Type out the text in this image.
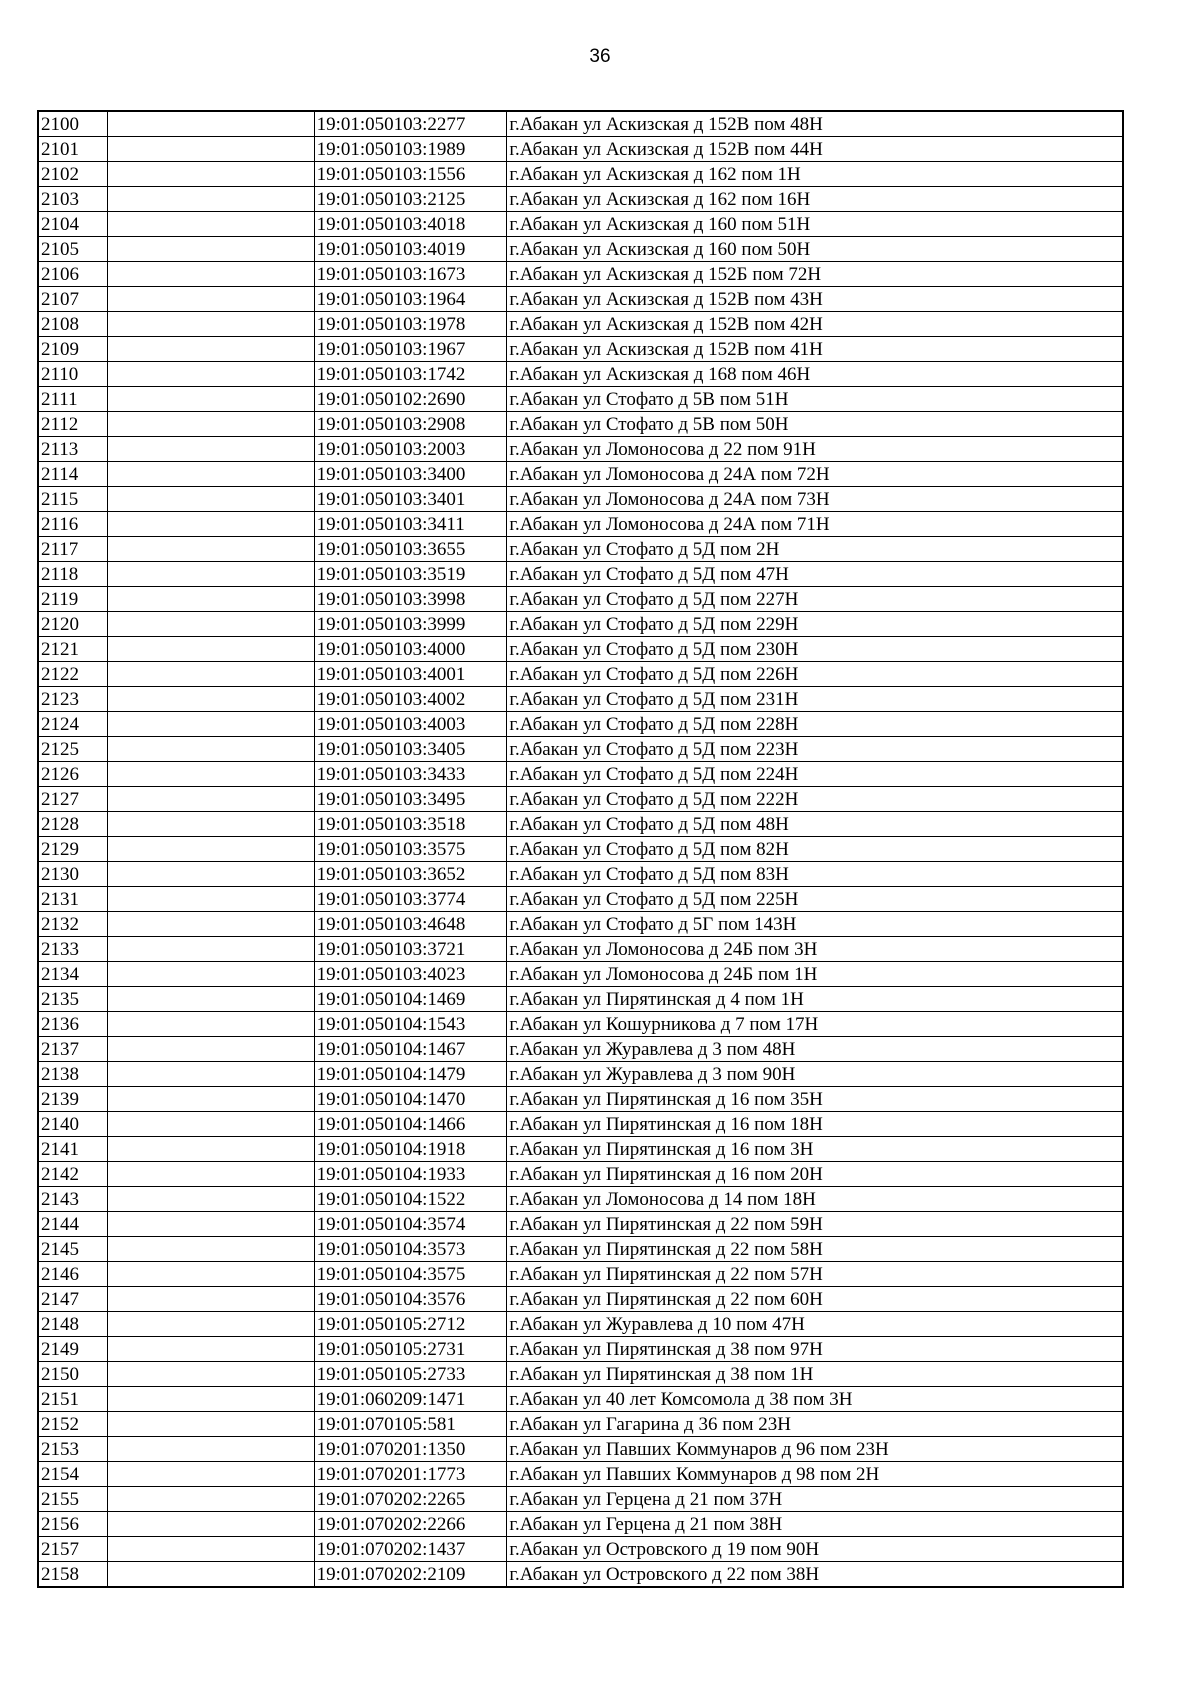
36
2100		19:01:050103:2277	г.Абакан ул Аскизская д 152В пом 48Н
2101		19:01:050103:1989	г.Абакан ул Аскизская д 152В пом 44Н
2102		19:01:050103:1556	г.Абакан ул Аскизская д 162 пом 1Н
2103		19:01:050103:2125	г.Абакан ул Аскизская д 162 пом 16Н
2104		19:01:050103:4018	г.Абакан ул Аскизская д 160 пом 51Н
2105		19:01:050103:4019	г.Абакан ул Аскизская д 160 пом 50Н
2106		19:01:050103:1673	г.Абакан ул Аскизская д 152Б пом 72Н
2107		19:01:050103:1964	г.Абакан ул Аскизская д 152В пом 43Н
2108		19:01:050103:1978	г.Абакан ул Аскизская д 152В пом 42Н
2109		19:01:050103:1967	г.Абакан ул Аскизская д 152В пом 41Н
2110		19:01:050103:1742	г.Абакан ул Аскизская д 168 пом 46Н
2111		19:01:050102:2690	г.Абакан ул Стофато д 5В пом 51Н
2112		19:01:050103:2908	г.Абакан ул Стофато д 5В пом 50Н
2113		19:01:050103:2003	г.Абакан ул Ломоносова д 22 пом 91Н
2114		19:01:050103:3400	г.Абакан ул Ломоносова д 24А пом 72Н
2115		19:01:050103:3401	г.Абакан ул Ломоносова д 24А пом 73Н
2116		19:01:050103:3411	г.Абакан ул Ломоносова д 24А пом 71Н
2117		19:01:050103:3655	г.Абакан ул Стофато д 5Д пом 2Н
2118		19:01:050103:3519	г.Абакан ул Стофато д 5Д пом 47Н
2119		19:01:050103:3998	г.Абакан ул Стофато д 5Д пом 227Н
2120		19:01:050103:3999	г.Абакан ул Стофато д 5Д пом 229Н
2121		19:01:050103:4000	г.Абакан ул Стофато д 5Д пом 230Н
2122		19:01:050103:4001	г.Абакан ул Стофато д 5Д пом 226Н
2123		19:01:050103:4002	г.Абакан ул Стофато д 5Д пом 231Н
2124		19:01:050103:4003	г.Абакан ул Стофато д 5Д пом 228Н
2125		19:01:050103:3405	г.Абакан ул Стофато д 5Д пом 223Н
2126		19:01:050103:3433	г.Абакан ул Стофато д 5Д пом 224Н
2127		19:01:050103:3495	г.Абакан ул Стофато д 5Д пом 222Н
2128		19:01:050103:3518	г.Абакан ул Стофато д 5Д пом 48Н
2129		19:01:050103:3575	г.Абакан ул Стофато д 5Д пом 82Н
2130		19:01:050103:3652	г.Абакан ул Стофато д 5Д пом 83Н
2131		19:01:050103:3774	г.Абакан ул Стофато д 5Д пом 225Н
2132		19:01:050103:4648	г.Абакан ул Стофато д 5Г пом 143Н
2133		19:01:050103:3721	г.Абакан ул Ломоносова д 24Б пом 3Н
2134		19:01:050103:4023	г.Абакан ул Ломоносова д 24Б пом 1Н
2135		19:01:050104:1469	г.Абакан ул Пирятинская д 4 пом 1Н
2136		19:01:050104:1543	г.Абакан ул Кошурникова д 7 пом 17Н
2137		19:01:050104:1467	г.Абакан ул Журавлева д 3 пом 48Н
2138		19:01:050104:1479	г.Абакан ул Журавлева д 3 пом 90Н
2139		19:01:050104:1470	г.Абакан ул Пирятинская д 16 пом 35Н
2140		19:01:050104:1466	г.Абакан ул Пирятинская д 16 пом 18Н
2141		19:01:050104:1918	г.Абакан ул Пирятинская д 16 пом 3Н
2142		19:01:050104:1933	г.Абакан ул Пирятинская д 16 пом 20Н
2143		19:01:050104:1522	г.Абакан ул Ломоносова д 14 пом 18Н
2144		19:01:050104:3574	г.Абакан ул Пирятинская д 22 пом 59Н
2145		19:01:050104:3573	г.Абакан ул Пирятинская д 22 пом 58Н
2146		19:01:050104:3575	г.Абакан ул Пирятинская д 22 пом 57Н
2147		19:01:050104:3576	г.Абакан ул Пирятинская д 22 пом 60Н
2148		19:01:050105:2712	г.Абакан ул Журавлева д 10 пом 47Н
2149		19:01:050105:2731	г.Абакан ул Пирятинская д 38 пом 97Н
2150		19:01:050105:2733	г.Абакан ул Пирятинская д 38 пом 1Н
2151		19:01:060209:1471	г.Абакан ул 40 лет Комсомола д 38 пом 3Н
2152		19:01:070105:581	г.Абакан ул Гагарина д 36 пом 23Н
2153		19:01:070201:1350	г.Абакан ул Павших Коммунаров д 96 пом 23Н
2154		19:01:070201:1773	г.Абакан ул Павших Коммунаров д 98 пом 2Н
2155		19:01:070202:2265	г.Абакан ул Герцена д 21 пом 37Н
2156		19:01:070202:2266	г.Абакан ул Герцена д 21 пом 38Н
2157		19:01:070202:1437	г.Абакан ул Островского д 19 пом 90Н
2158		19:01:070202:2109	г.Абакан ул Островского д 22 пом 38Н
